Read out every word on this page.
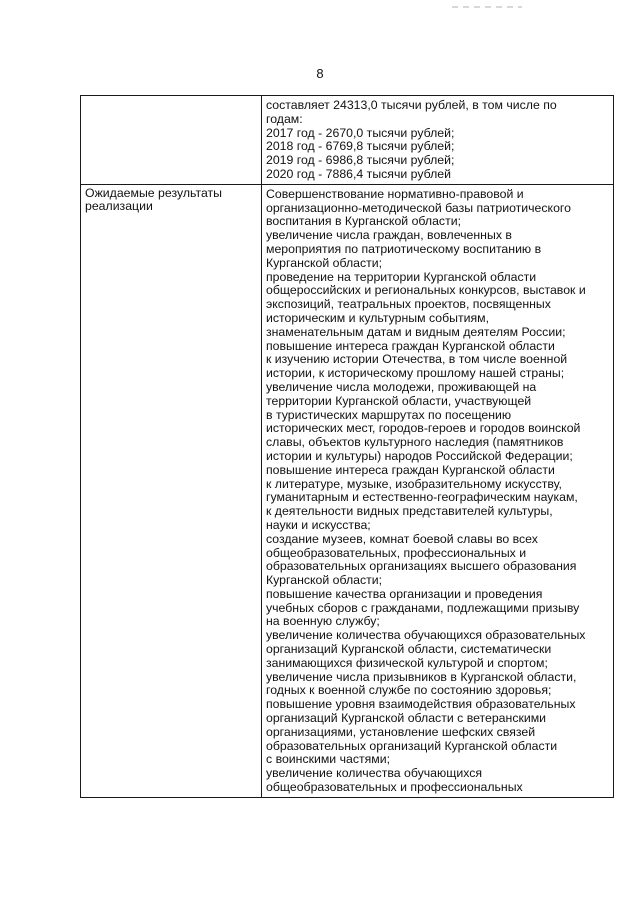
8
составляет 24313,0 тысячи рублей, в том числе по
годам:
2017 год - 2670,0 тысячи рублей;
2018 год - 6769,8 тысячи рублей;
2019 год - 6986,8 тысячи рублей;
2020 год - 7886,4 тысячи рублей
Ожидаемые результаты
реализации
Совершенствование нормативно-правовой и
организационно-методической базы патриотического
воспитания в Курганской области;
увеличение числа граждан, вовлеченных в
мероприятия по патриотическому воспитанию в
Курганской области;
проведение на территории Курганской области
общероссийских и региональных конкурсов, выставок и
экспозиций, театральных проектов, посвященных
историческим и культурным событиям,
знаменательным датам и видным деятелям России;
повышение интереса граждан Курганской области
к изучению истории Отечества, в том числе военной
истории, к историческому прошлому нашей страны;
увеличение числа молодежи, проживающей на
территории Курганской области, участвующей
в туристических маршрутах по посещению
исторических мест, городов-героев и городов воинской
славы, объектов культурного наследия (памятников
истории и культуры) народов Российской Федерации;
повышение интереса граждан Курганской области
к литературе, музыке, изобразительному искусству,
гуманитарным и естественно-географическим наукам,
к деятельности видных представителей культуры,
науки и искусства;
создание музеев, комнат боевой славы во всех
общеобразовательных, профессиональных и
образовательных организациях высшего образования
Курганской области;
повышение качества организации и проведения
учебных сборов с гражданами, подлежащими призыву
на военную службу;
увеличение количества обучающихся образовательных
организаций Курганской области, систематически
занимающихся физической культурой и спортом;
увеличение числа призывников в Курганской области,
годных к военной службе по состоянию здоровья;
повышение уровня взаимодействия образовательных
организаций Курганской области с ветеранскими
организациями, установление шефских связей
образовательных организаций Курганской области
с воинскими частями;
увеличение количества обучающихся
общеобразовательных и профессиональных
